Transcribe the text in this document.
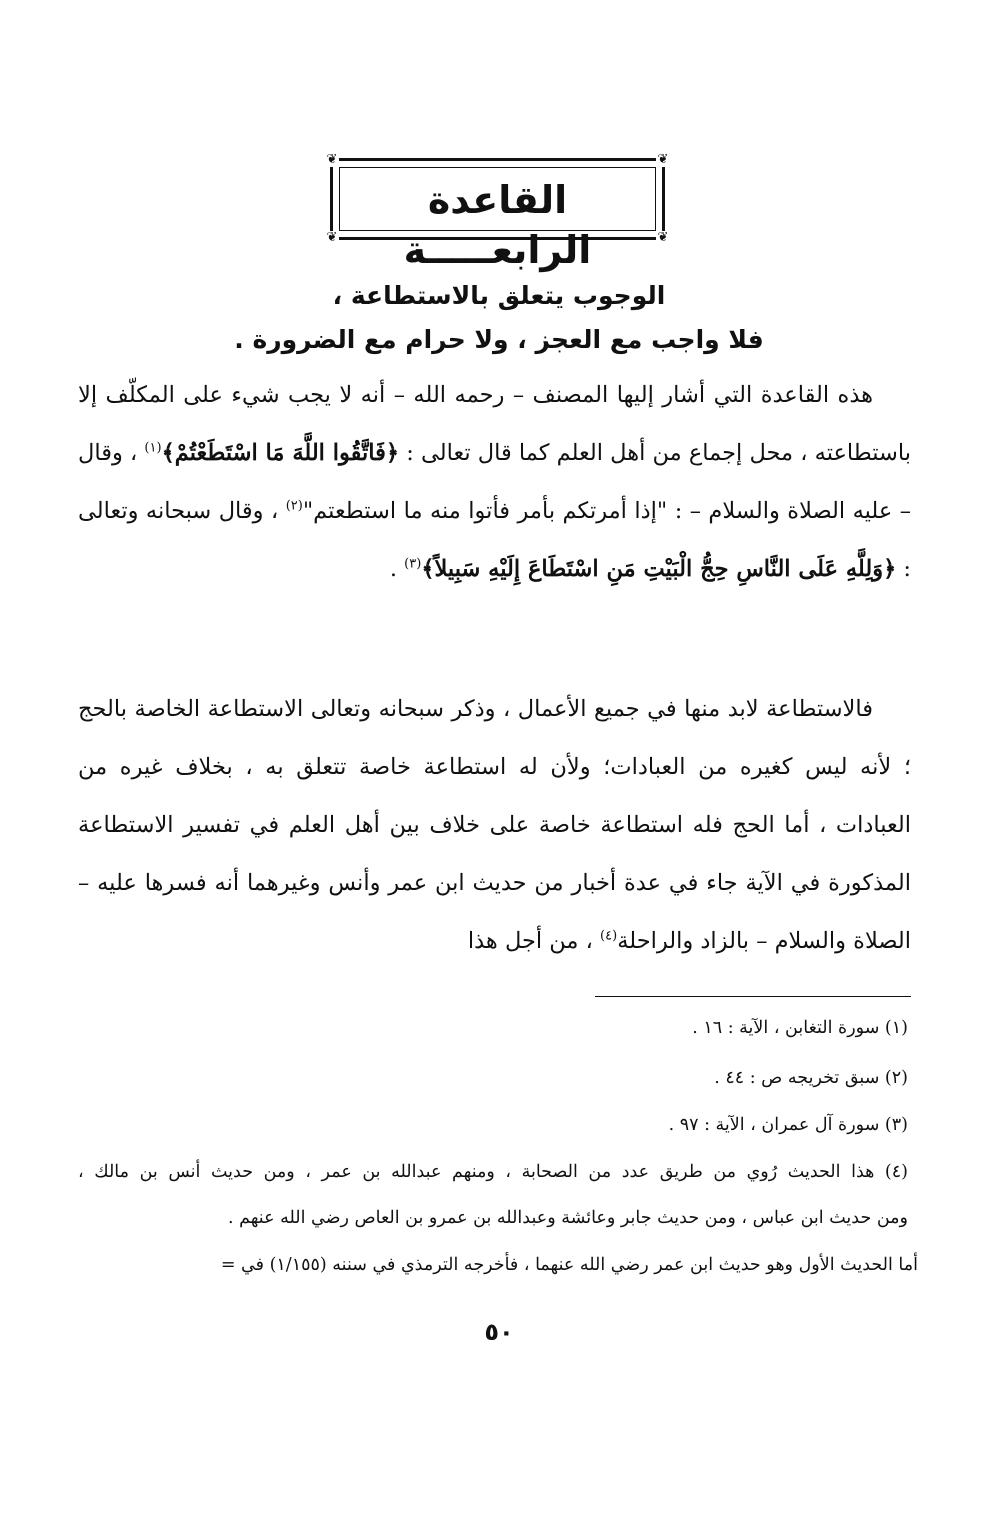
❦	❦
❦	❦
القاعدة الرابعـــــة
الوجوب يتعلق بالاستطاعة ،
فلا واجب مع العجز ، ولا حرام مع الضرورة .

هذه القاعدة التي أشار إليها المصنف – رحمه الله – أنه لا يجب شيء على المكلّف إلا باستطاعته ، محل إجماع من أهل العلم كما قال تعالى : ﴿فَاتَّقُوا اللَّهَ مَا اسْتَطَعْتُمْ﴾$^{(١)}$ ، وقال – عليه الصلاة والسلام – : "إذا أمرتكم بأمر فأتوا منه ما استطعتم"$^{(٢)}$ ، وقال سبحانه وتعالى : ﴿وَلِلَّهِ عَلَى النَّاسِ حِجُّ الْبَيْتِ مَنِ اسْتَطَاعَ إِلَيْهِ سَبِيلاً﴾$^{(٣)}$ .

فالاستطاعة لابد منها في جميع الأعمال ، وذكر سبحانه وتعالى الاستطاعة الخاصة بالحج ؛ لأنه ليس كغيره من العبادات؛ ولأن له استطاعة خاصة تتعلق به ، بخلاف غيره من العبادات ، أما الحج فله استطاعة خاصة على خلاف بين أهل العلم في تفسير الاستطاعة المذكورة في الآية جاء في عدة أخبار من حديث ابن عمر وأنس وغيرهما أنه فسرها عليه – الصلاة والسلام – بالزاد والراحلة$^{(٤)}$ ، من أجل هذا

(١) سورة التغابن ، الآية : ١٦ .

(٢) سبق تخريجه ص : ٤٤ .

(٣) سورة آل عمران ، الآية : ٩٧ .

(٤) هذا الحديث رُوي من طريق عدد من الصحابة ، ومنهم عبدالله بن عمر ، ومن حديث أنس بن مالك ،

ومن حديث ابن عباس ، ومن حديث جابر وعائشة وعبدالله بن عمرو بن العاص رضي الله عنهم .

أما الحديث الأول وهو حديث ابن عمر رضي الله عنهما ، فأخرجه الترمذي في سننه (١/١٥٥) في =

٥٠
